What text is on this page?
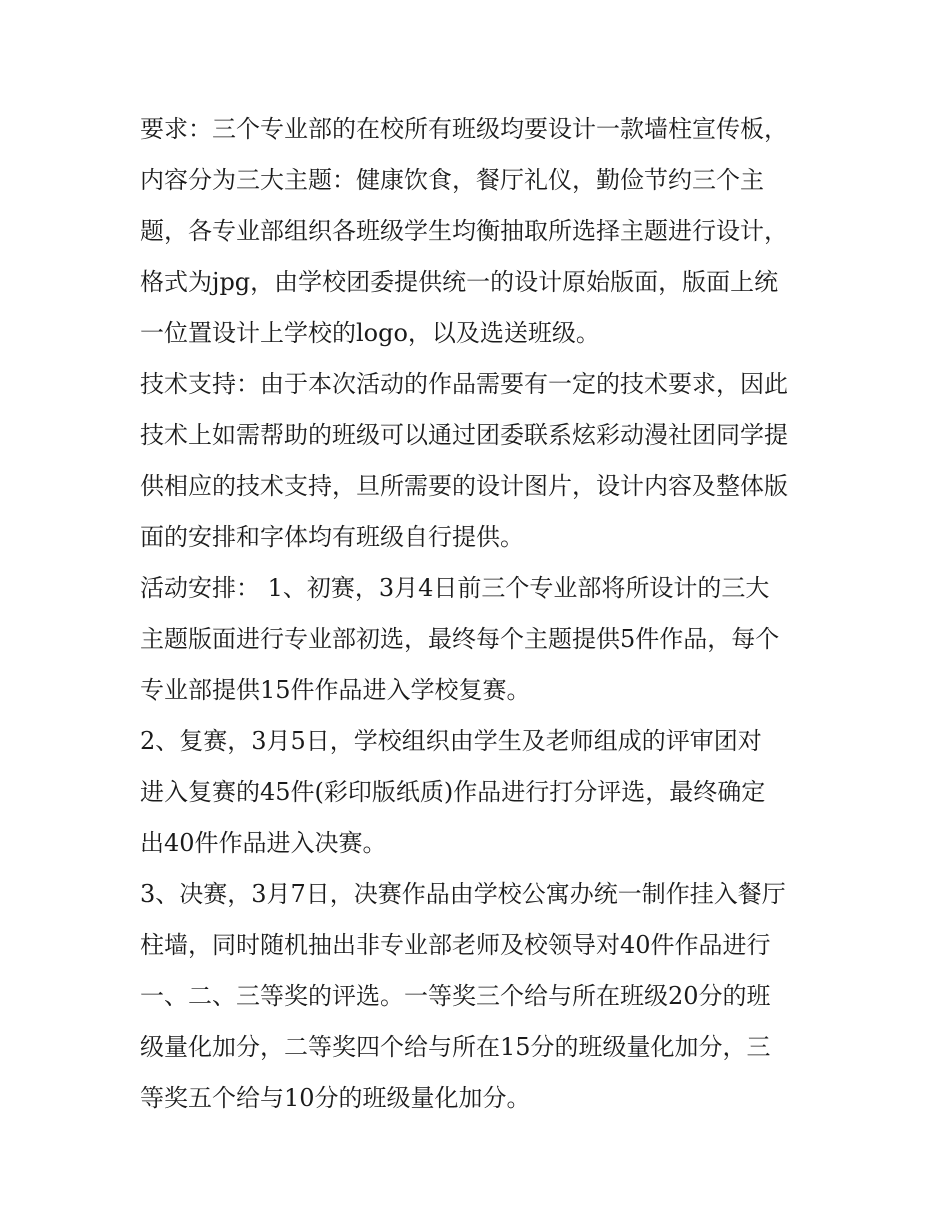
要求：三个专业部的在校所有班级均要设计一款墙柱宣传板，

内容分为三大主题：健康饮食，餐厅礼仪，勤俭节约三个主

题，各专业部组织各班级学生均衡抽取所选择主题进行设计，

格式为jpg，由学校团委提供统一的设计原始版面，版面上统

一位置设计上学校的logo，以及选送班级。

技术支持：由于本次活动的作品需要有一定的技术要求，因此

技术上如需帮助的班级可以通过团委联系炫彩动漫社团同学提

供相应的技术支持，旦所需要的设计图片，设计内容及整体版

面的安排和字体均有班级自行提供。

活动安排： 1、初赛，3月4日前三个专业部将所设计的三大

主题版面进行专业部初选，最终每个主题提供5件作品，每个

专业部提供15件作品进入学校复赛。

2、复赛，3月5日，学校组织由学生及老师组成的评审团对

进入复赛的45件(彩印版纸质)作品进行打分评选，最终确定

出40件作品进入决赛。

3、决赛，3月7日，决赛作品由学校公寓办统一制作挂入餐厅

柱墙，同时随机抽出非专业部老师及校领导对40件作品进行

一、二、三等奖的评选。一等奖三个给与所在班级20分的班

级量化加分，二等奖四个给与所在15分的班级量化加分，三

等奖五个给与10分的班级量化加分。
